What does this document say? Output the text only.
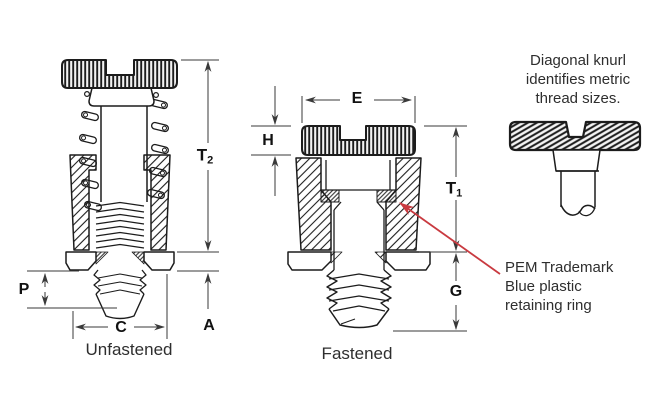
$T_2$
A
P
C
E
H
$T_1$
G
Unfastened	Fastened
Diagonal knurl
identifies metric
thread sizes.
PEM Trademark
Blue plastic
retaining ring
